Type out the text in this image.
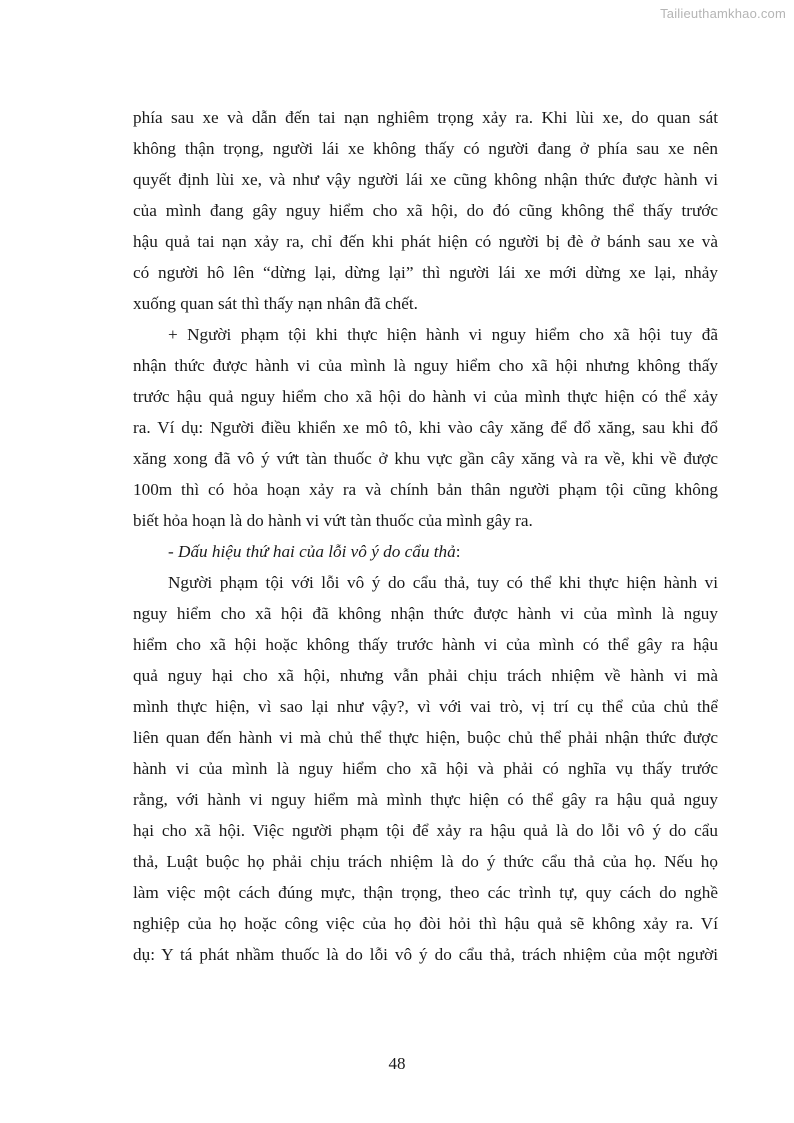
Tailieuthamkhao.com
phía sau xe và dẫn đến tai nạn nghiêm trọng xảy ra. Khi lùi xe, do quan sát
không thận trọng, người lái xe không thấy có người đang ở phía sau xe nên
quyết định lùi xe, và như vậy người lái xe cũng không nhận thức được hành vi
của mình đang gây nguy hiểm cho xã hội, do đó cũng không thể thấy trước
hậu quả tai nạn xảy ra, chỉ đến khi phát hiện có người bị đè ở bánh sau xe và
có người hô lên “dừng lại, dừng lại” thì người lái xe mới dừng xe lại, nhảy
xuống quan sát thì thấy nạn nhân đã chết.
+ Người phạm tội khi thực hiện hành vi nguy hiểm cho xã hội tuy đã
nhận thức được hành vi của mình là nguy hiểm cho xã hội nhưng không thấy
trước hậu quả nguy hiểm cho xã hội do hành vi của mình thực hiện có thể xảy
ra. Ví dụ: Người điều khiển xe mô tô, khi vào cây xăng để đổ xăng, sau khi đổ
xăng xong đã vô ý vứt tàn thuốc ở khu vực gần cây xăng và ra về, khi về được
100m thì có hỏa hoạn xảy ra và chính bản thân người phạm tội cũng không
biết hỏa hoạn là do hành vi vứt tàn thuốc của mình gây ra.
- Dấu hiệu thứ hai của lỗi vô ý do cẩu thả:
Người phạm tội với lỗi vô ý do cẩu thả, tuy có thể khi thực hiện hành vi
nguy hiểm cho xã hội đã không nhận thức được hành vi của mình là nguy
hiểm cho xã hội hoặc không thấy trước hành vi của mình có thể gây ra hậu
quả nguy hại cho xã hội, nhưng vẫn phải chịu trách nhiệm về hành vi mà
mình thực hiện, vì sao lại như vậy?, vì với vai trò, vị trí cụ thể của chủ thể
liên quan đến hành vi mà chủ thể thực hiện, buộc chủ thể phải nhận thức được
hành vi của mình là nguy hiểm cho xã hội và phải có nghĩa vụ thấy trước
rằng, với hành vi nguy hiểm mà mình thực hiện có thể gây ra hậu quả nguy
hại cho xã hội. Việc người phạm tội để xảy ra hậu quả là do lỗi vô ý do cẩu
thả, Luật buộc họ phải chịu trách nhiệm là do ý thức cẩu thả của họ. Nếu họ
làm việc một cách đúng mực, thận trọng, theo các trình tự, quy cách do nghề
nghiệp của họ hoặc công việc của họ đòi hỏi thì hậu quả sẽ không xảy ra. Ví
dụ: Y tá phát nhầm thuốc là do lỗi vô ý do cẩu thả, trách nhiệm của một người
48
